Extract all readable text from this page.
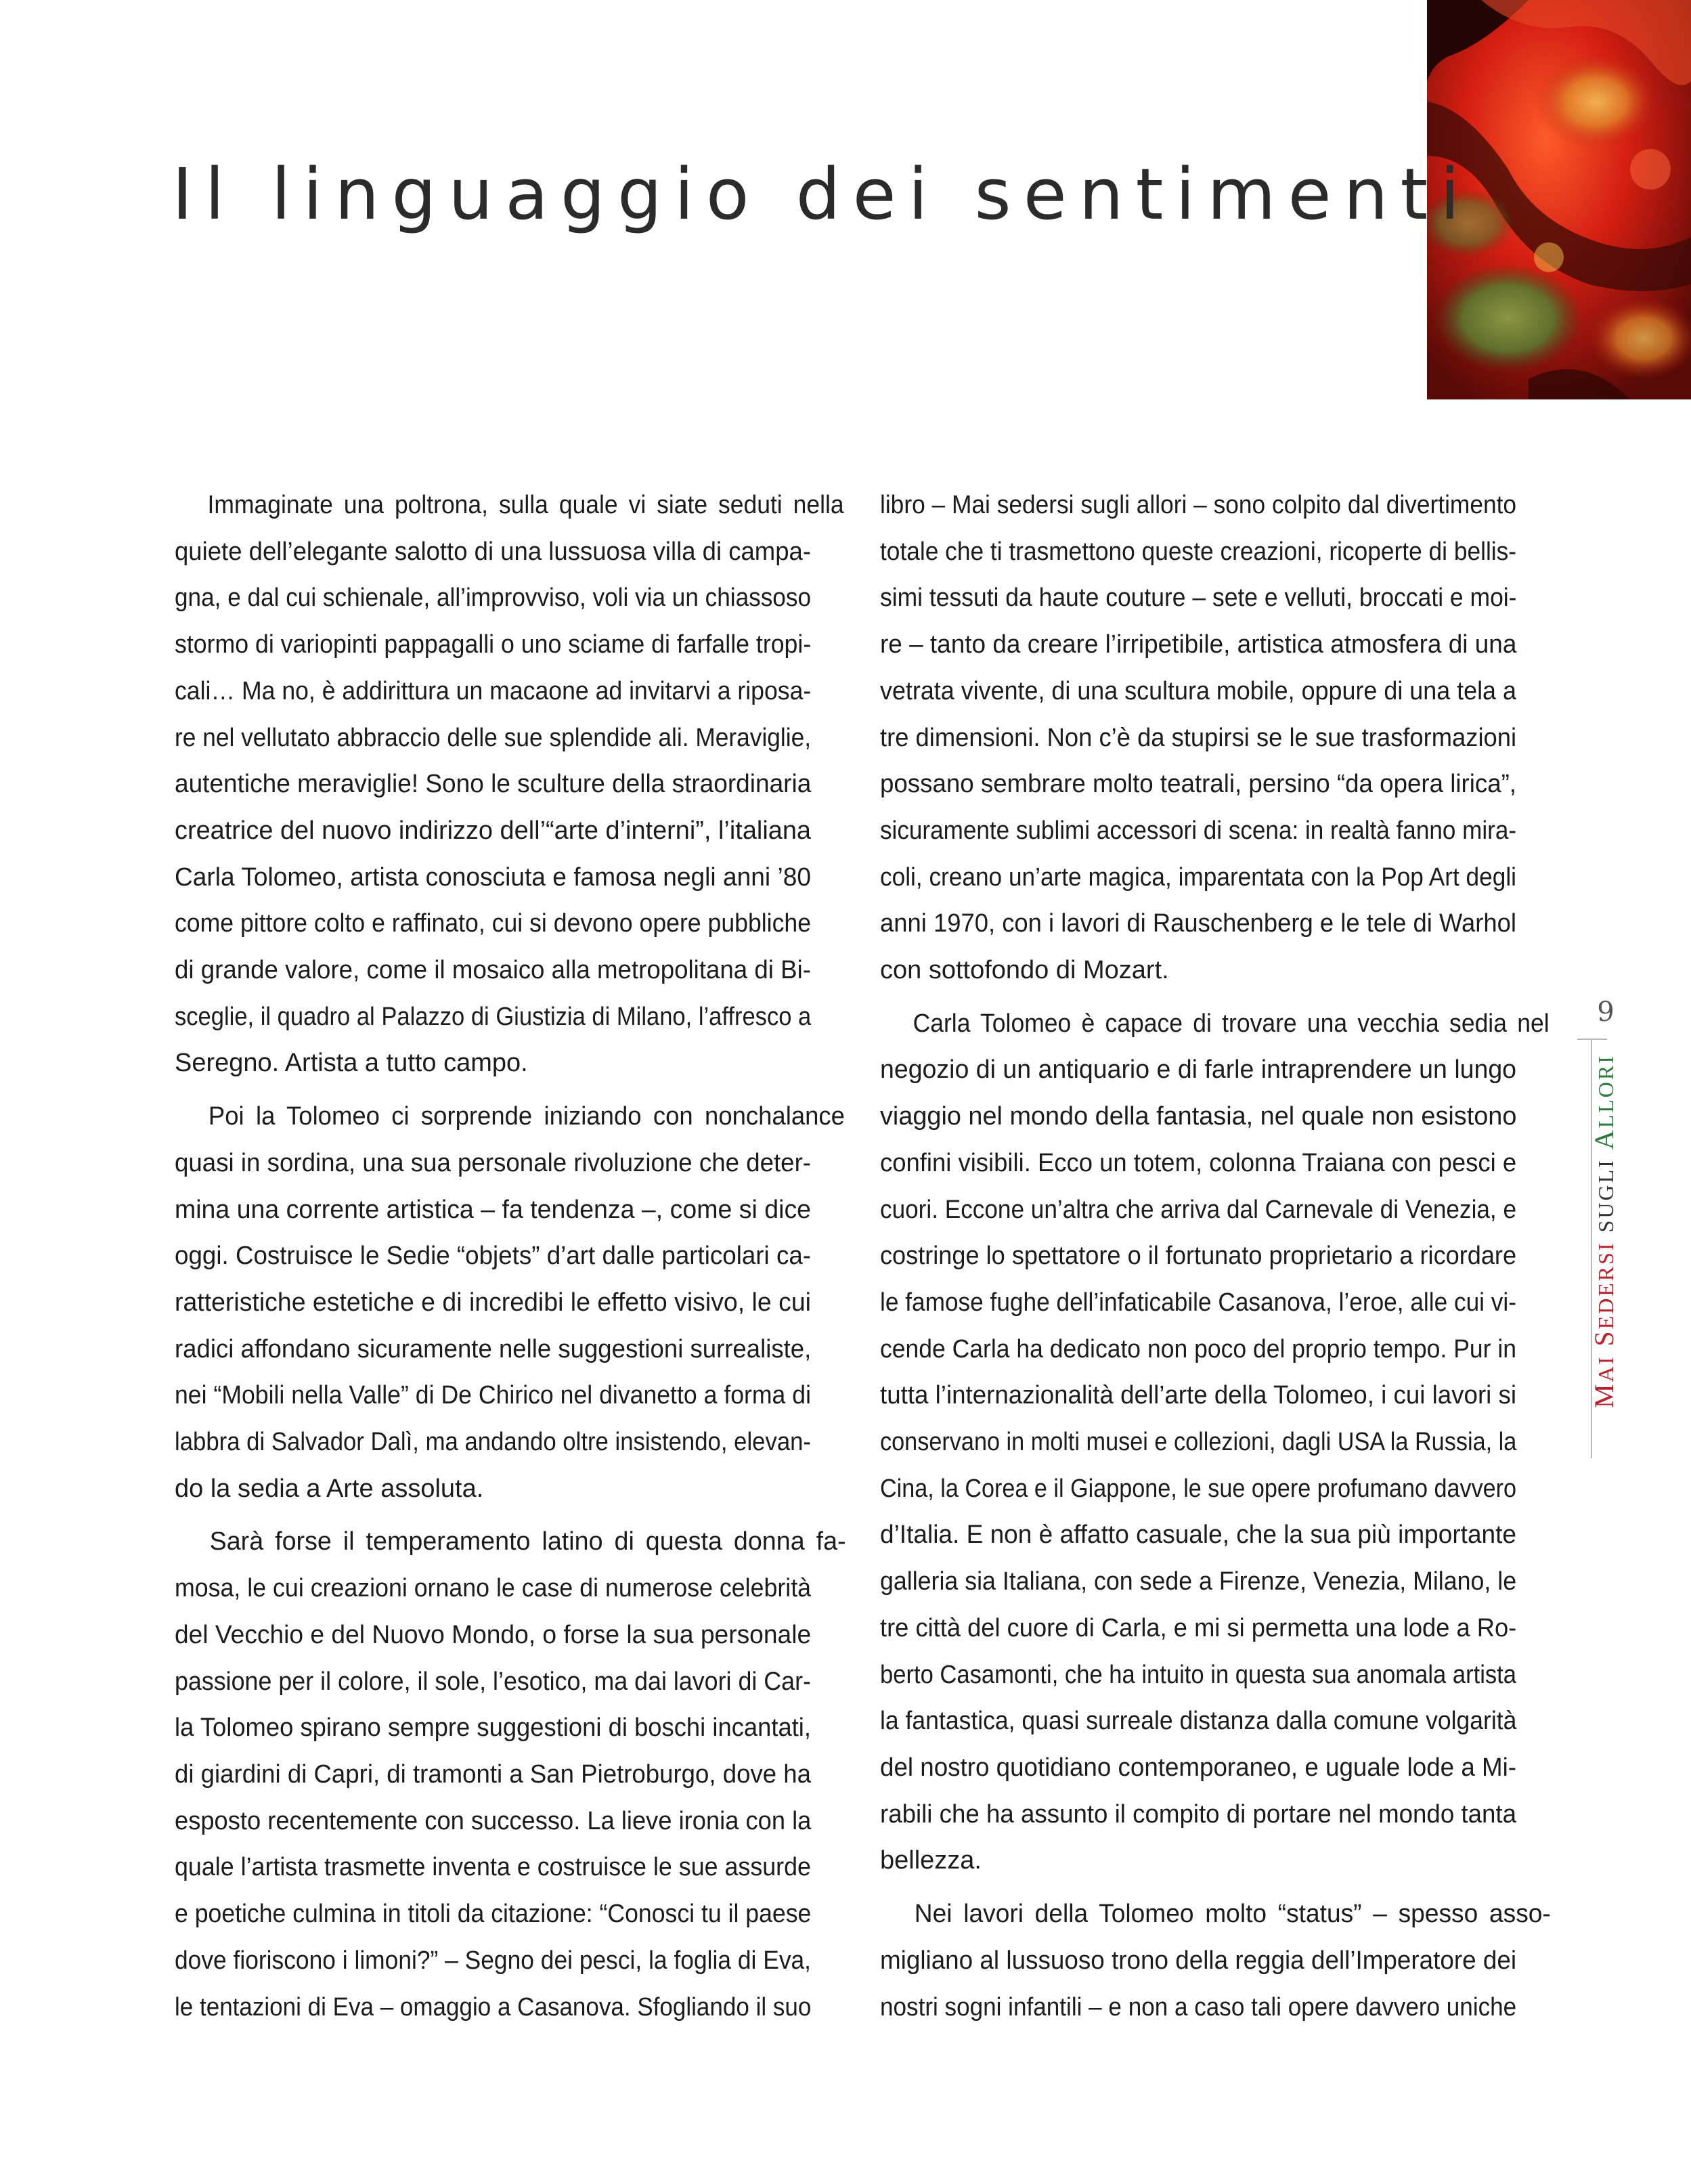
Il linguaggio dei sentimenti

Immaginate una poltrona, sulla quale vi siate seduti nella
quiete dell’elegante salotto di una lussuosa villa di campa-
gna, e dal cui schienale, all’improvviso, voli via un chiassoso
stormo di variopinti pappagalli o uno sciame di farfalle tropi-
cali… Ma no, è addirittura un macaone ad invitarvi a riposa-
re nel vellutato abbraccio delle sue splendide ali. Meraviglie,
autentiche meraviglie! Sono le sculture della straordinaria
creatrice del nuovo indirizzo dell’“arte d’interni”, l’italiana
Carla Tolomeo, artista conosciuta e famosa negli anni ’80
come pittore colto e raffinato, cui si devono opere pubbliche
di grande valore, come il mosaico alla metropolitana di Bi-
sceglie, il quadro al Palazzo di Giustizia di Milano, l’affresco a
Seregno. Artista a tutto campo.

Poi la Tolomeo ci sorprende iniziando con nonchalance
quasi in sordina, una sua personale rivoluzione che deter-
mina una corrente artistica – fa tendenza –, come si dice
oggi. Costruisce le Sedie “objets” d’art dalle particolari ca-
ratteristiche estetiche e di incredibi le effetto visivo, le cui
radici affondano sicuramente nelle suggestioni surrealiste,
nei “Mobili nella Valle” di De Chirico nel divanetto a forma di
labbra di Salvador Dalì, ma andando oltre insistendo, elevan-
do la sedia a Arte assoluta.

Sarà forse il temperamento latino di questa donna fa-
mosa, le cui creazioni ornano le case di numerose celebrità
del Vecchio e del Nuovo Mondo, o forse la sua personale
passione per il colore, il sole, l’esotico, ma dai lavori di Car-
la Tolomeo spirano sempre suggestioni di boschi incantati,
di giardini di Capri, di tramonti a San Pietroburgo, dove ha
esposto recentemente con successo. La lieve ironia con la
quale l’artista trasmette inventa e costruisce le sue assurde
e poetiche culmina in titoli da citazione: “Conosci tu il paese
dove fioriscono i limoni?” – Segno dei pesci, la foglia di Eva,
le tentazioni di Eva – omaggio a Casanova. Sfogliando il suo

libro – Mai sedersi sugli allori – sono colpito dal divertimento
totale che ti trasmettono queste creazioni, ricoperte di bellis-
simi tessuti da haute couture – sete e velluti, broccati e moi-
re – tanto da creare l’irripetibile, artistica atmosfera di una
vetrata vivente, di una scultura mobile, oppure di una tela a
tre dimensioni. Non c’è da stupirsi se le sue trasformazioni
possano sembrare molto teatrali, persino “da opera lirica”,
sicuramente sublimi accessori di scena: in realtà fanno mira-
coli, creano un’arte magica, imparentata con la Pop Art degli
anni 1970, con i lavori di Rauschenberg e le tele di Warhol
con sottofondo di Mozart.

Carla Tolomeo è capace di trovare una vecchia sedia nel
negozio di un antiquario e di farle intraprendere un lungo
viaggio nel mondo della fantasia, nel quale non esistono
confini visibili. Ecco un totem, colonna Traiana con pesci e
cuori. Eccone un’altra che arriva dal Carnevale di Venezia, e
costringe lo spettatore o il fortunato proprietario a ricordare
le famose fughe dell’infaticabile Casanova, l’eroe, alle cui vi-
cende Carla ha dedicato non poco del proprio tempo. Pur in
tutta l’internazionalità dell’arte della Tolomeo, i cui lavori si
conservano in molti musei e collezioni, dagli USA la Russia, la
Cina, la Corea e il Giappone, le sue opere profumano davvero
d’Italia. E non è affatto casuale, che la sua più importante
galleria sia Italiana, con sede a Firenze, Venezia, Milano, le
tre città del cuore di Carla, e mi si permetta una lode a Ro-
berto Casamonti, che ha intuito in questa sua anomala artista
la fantastica, quasi surreale distanza dalla comune volgarità
del nostro quotidiano contemporaneo, e uguale lode a Mi-
rabili che ha assunto il compito di portare nel mondo tanta
bellezza.

Nei lavori della Tolomeo molto “status” – spesso asso-
migliano al lussuoso trono della reggia dell’Imperatore dei
nostri sogni infantili – e non a caso tali opere davvero uniche

9
MAI SEDERSI SUGLI ALLORI
